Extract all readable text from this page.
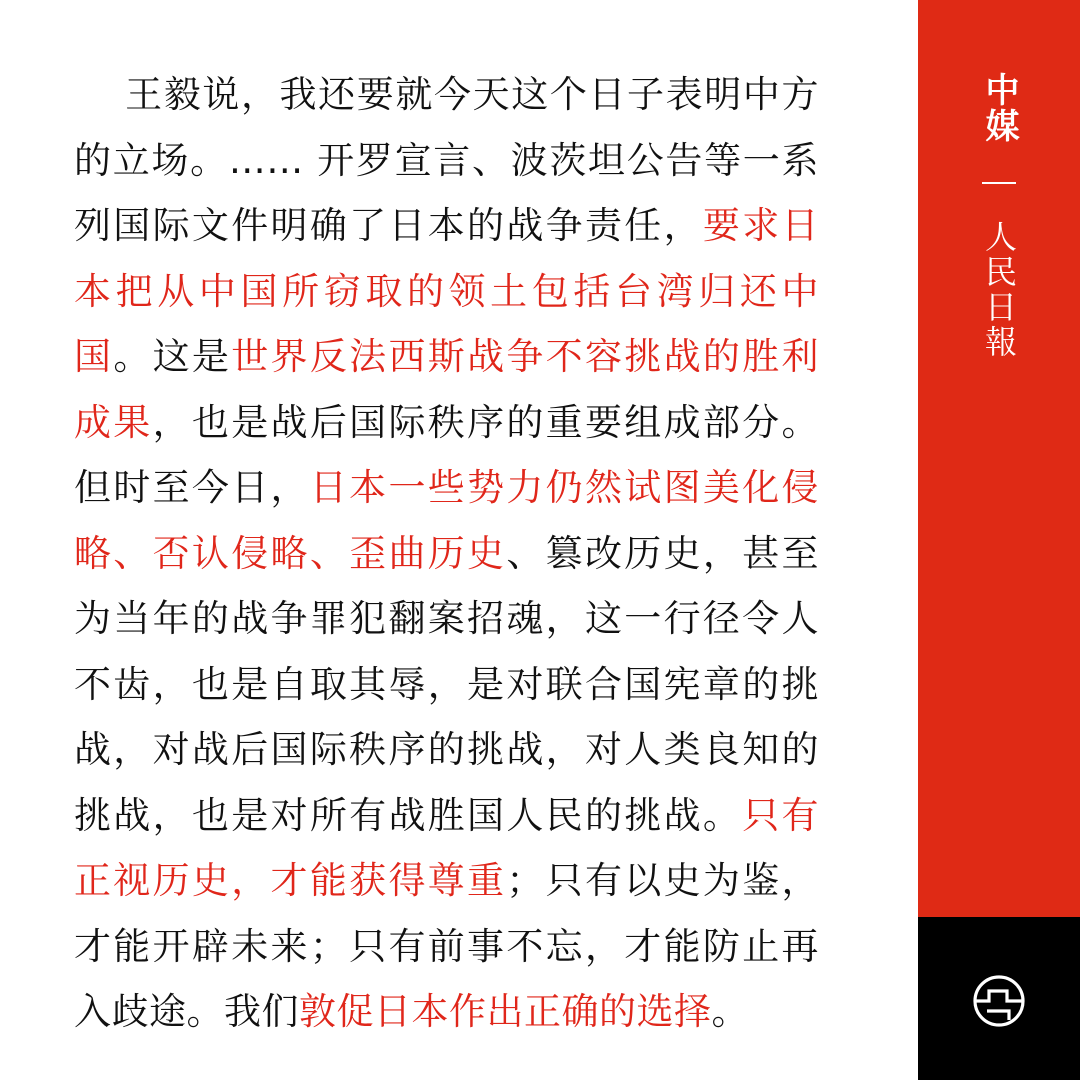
王毅说，我还要就今天这个日子表明中方的立场。…… 开罗宣言、波茨坦公告等一系列国际文件明确了日本的战争责任，要求日本把从中国所窃取的领土包括台湾归还中国。这是世界反法西斯战争不容挑战的胜利成果，也是战后国际秩序的重要组成部分。但时至今日，日本一些势力仍然试图美化侵略、否认侵略、歪曲历史、篡改历史，甚至为当年的战争罪犯翻案招魂，这一行径令人不齿，也是自取其辱，是对联合国宪章的挑战，对战后国际秩序的挑战，对人类良知的挑战，也是对所有战胜国人民的挑战。只有正视历史，才能获得尊重；只有以史为鉴，才能开辟未来；只有前事不忘，才能防止再入歧途。我们敦促日本作出正确的选择。
中媒
人民日報
